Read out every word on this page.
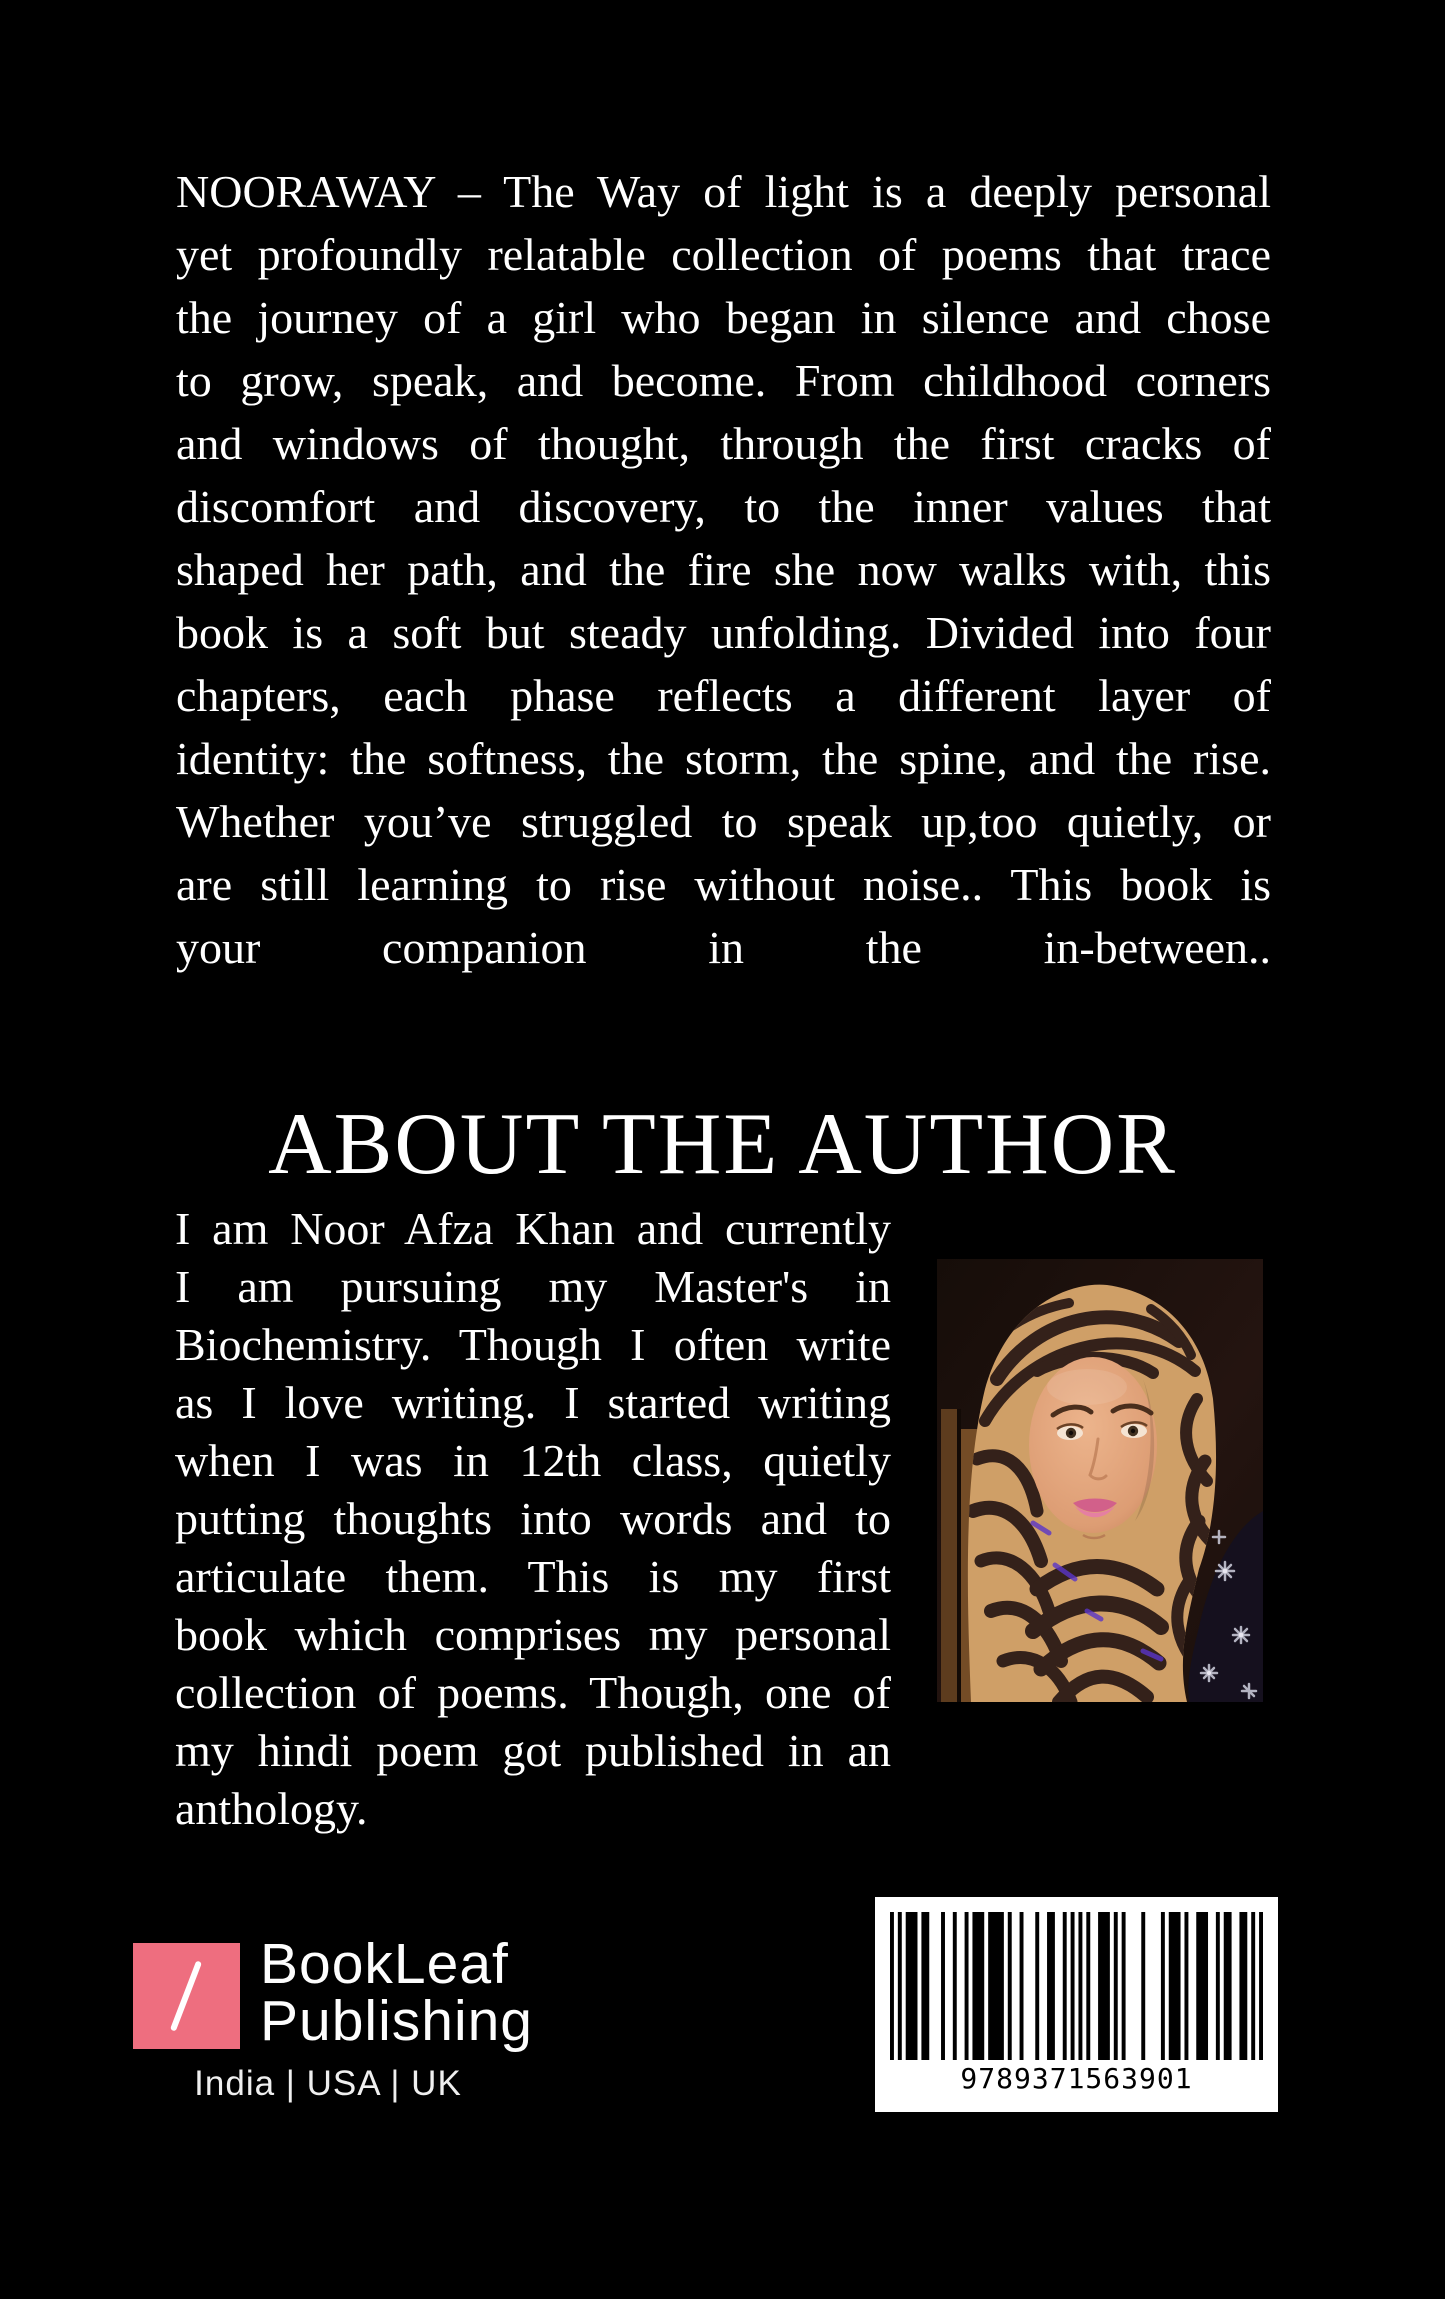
NOORAWAY – The Way of light is a deeply personal
yet profoundly relatable collection of poems that trace
the journey of a girl who began in silence and chose
to grow, speak, and become. From childhood corners
and windows of thought, through the first cracks of
discomfort and discovery, to the inner values that
shaped her path, and the fire she now walks with, this
book is a soft but steady unfolding. Divided into four
chapters, each phase reflects a different layer of
identity: the softness, the storm, the spine, and the rise.
Whether you’ve struggled to speak up,too quietly, or
are still learning to rise without noise.. This book is
your companion in the in-between..
ABOUT THE AUTHOR
I am Noor Afza Khan and currently
I am pursuing my Master's in
Biochemistry. Though I often write
as I love writing. I started writing
when I was in 12th class, quietly
putting thoughts into words and to
articulate them. This is my first
book which comprises my personal
collection of poems. Though, one of
my hindi poem got published in an
anthology.
BookLeaf
Publishing
India | USA | UK	9789371563901
